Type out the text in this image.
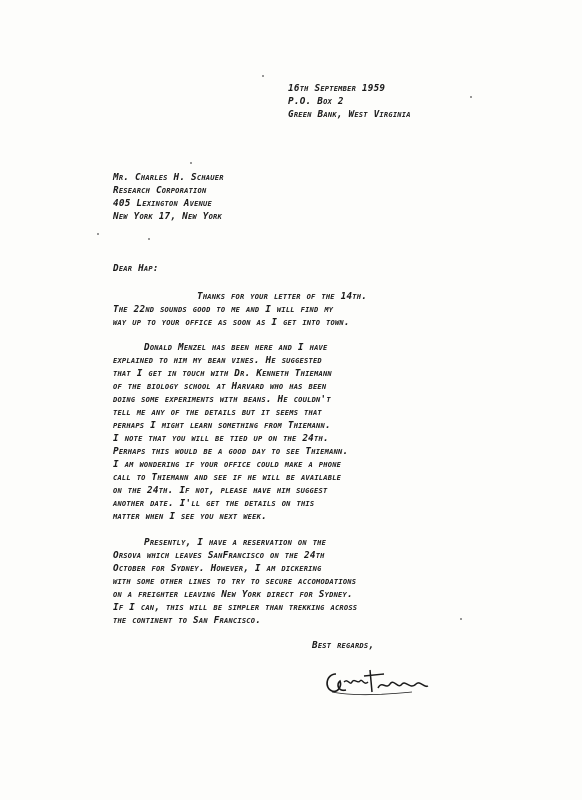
16th September 1959
P.O. Box 2
Green Bank, West Virginia
Mr. Charles H. Schauer
Research Corporation
405 Lexington Avenue
New York 17, New York
Dear Hap:
Thanks for your letter of the 14th.
The 22nd sounds good to me and I will find my
way up to your office as soon as I get into town.
Donald Menzel has been here and I have
explained to him my bean vines. He suggested
that I get in touch with Dr. Kenneth Thiemann
of the biology school at Harvard who has been
doing some experiments with beans. He couldn't
tell me any of the details but it seems that
perhaps I might learn something from Thiemann.
I note that you will be tied up on the 24th.
Perhaps this would be a good day to see Thiemann.
I am wondering if your office could make a phone
call to Thiemann and see if he will be available
on the 24th. If not, please have him suggest
another date. I'll get the details on this
matter when I see you next week.
Presently, I have a reservation on the
Orsova which leaves SanFrancisco on the 24th
October for Sydney. However, I am dickering
with some other lines to try to secure accomodations
on a freighter leaving New York direct for Sydney.
If I can, this will be simpler than trekking across
the continent to San Francisco.
Best regards,
